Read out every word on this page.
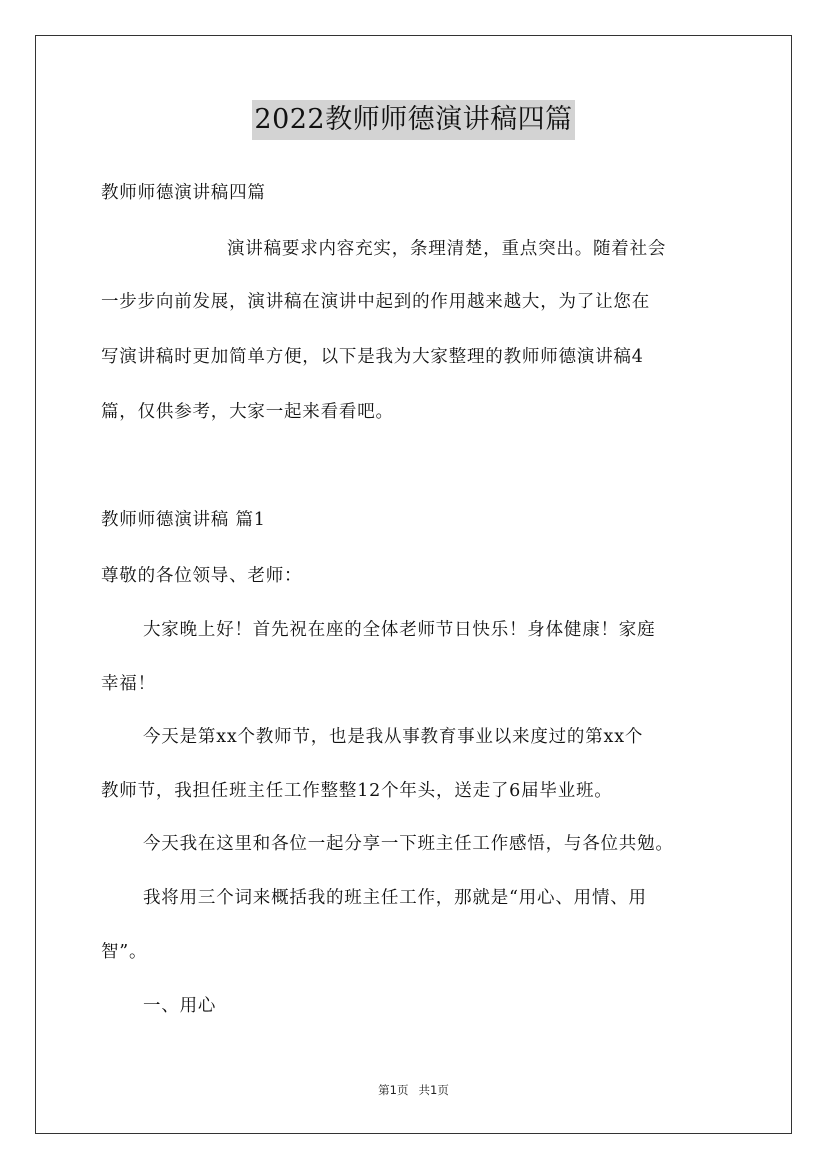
2022教师师德演讲稿四篇
教师师德演讲稿四篇
演讲稿要求内容充实，条理清楚，重点突出。随着社会
一步步向前发展，演讲稿在演讲中起到的作用越来越大，为了让您在
写演讲稿时更加简单方便，以下是我为大家整理的教师师德演讲稿4
篇，仅供参考，大家一起来看看吧。
教师师德演讲稿 篇1
尊敬的各位领导、老师：
大家晚上好！首先祝在座的全体老师节日快乐！身体健康！家庭
幸福！
今天是第xx个教师节，也是我从事教育事业以来度过的第xx个
教师节，我担任班主任工作整整12个年头，送走了6届毕业班。
今天我在这里和各位一起分享一下班主任工作感悟，与各位共勉。
我将用三个词来概括我的班主任工作，那就是“用心、用情、用
智”。
一、用心
第1页 共1页
